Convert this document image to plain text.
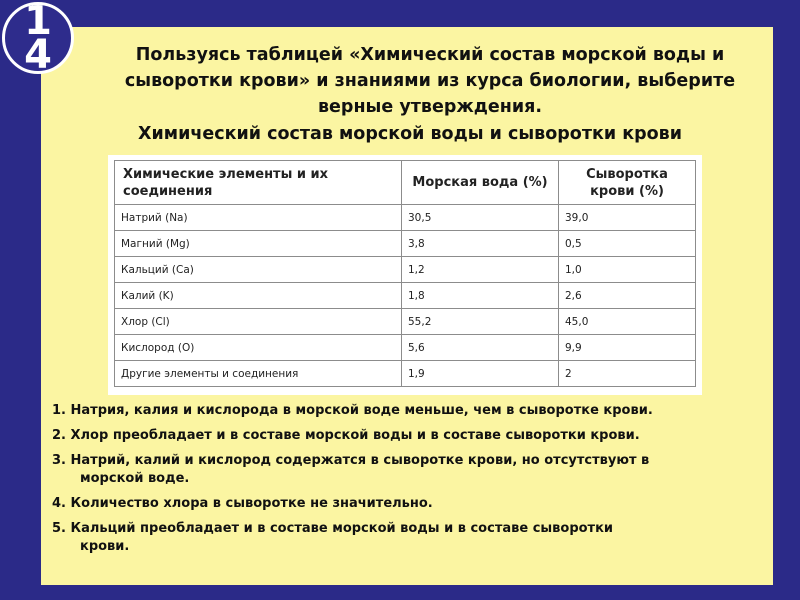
1
4	Пользуясь таблицей «Химический состав морской воды и сыворотки крови» и знаниями из курса биологии, выберите верные утверждения.
Химический состав морской воды и сыворотки крови
Химические элементы и их соединения	Морская вода (%)	Сыворотка крови (%)
Натрий (Na)	30,5	39,0
Магний (Mg)	3,8	0,5
Кальций (Ca)	1,2	1,0
Калий (K)	1,8	2,6
Хлор (Cl)	55,2	45,0
Кислород (О)	5,6	9,9
Другие элементы и соединения	1,9	2
1. Натрия, калия и кислорода в морской воде меньше, чем в сыворотке крови.
2. Хлор преобладает и в составе морской воды и в составе сыворотки крови.
3. Натрий, калий и кислород содержатся в сыворотке крови, но отсутствуют в
морской воде.
4. Количество хлора в сыворотке не значительно.
5. Кальций преобладает и в составе морской воды и в составе сыворотки
крови.
